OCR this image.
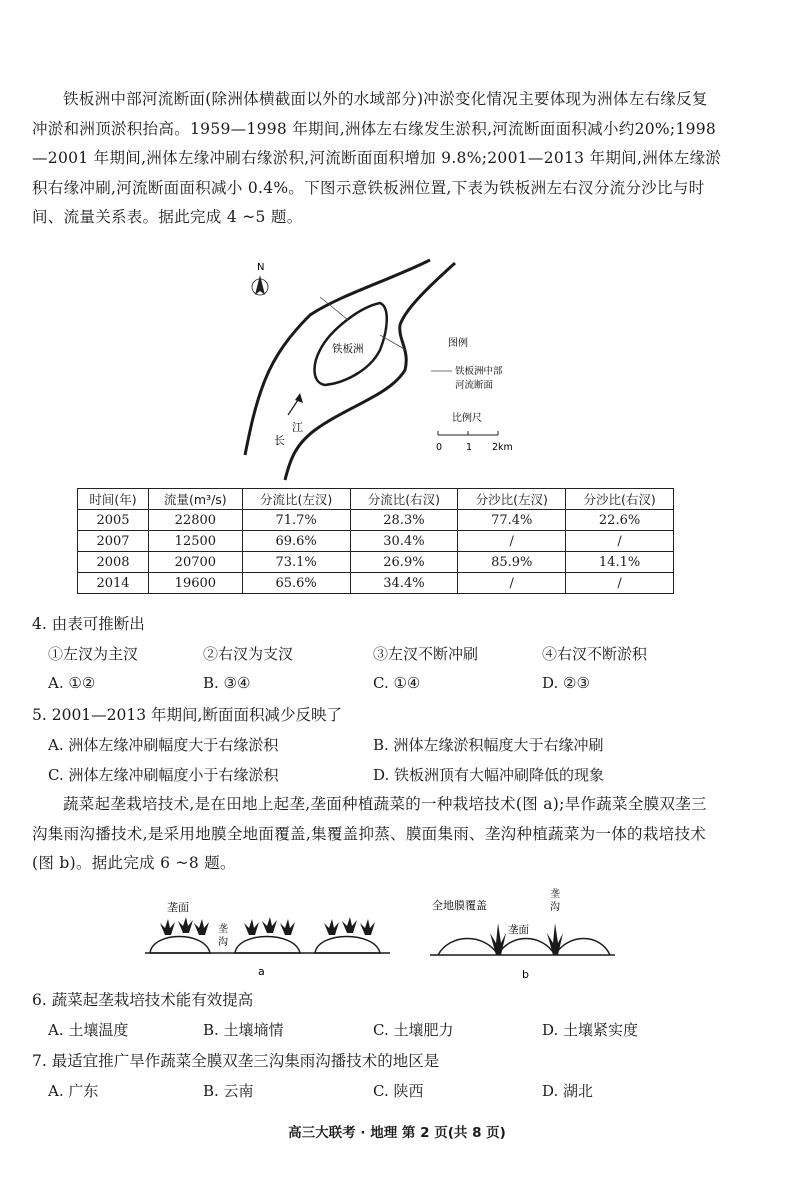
铁板洲中部河流断面(除洲体横截面以外的水域部分)冲淤变化情况主要体现为洲体左右缘反复冲淤和洲顶淤积抬高。1959—1998 年期间,洲体左右缘发生淤积,河流断面面积减小约20%;1998—2001 年期间,洲体左缘冲刷右缘淤积,河流断面面积增加 9.8%;2001—2013 年期间,洲体左缘淤积右缘冲刷,河流断面面积减小 0.4%。下图示意铁板洲位置,下表为铁板洲左右汊分流分沙比与时间、流量关系表。据此完成 4 ~5 题。

N
铁板洲
江
长
图例
铁板洲中部
河流断面
比例尺
0	1 2km
时间(年)	流量(m³/s)	分流比(左汊)	分流比(右汊)	分沙比(左汊)	分沙比(右汊)
2005	22800	71.7%	28.3%	77.4%	22.6%
2007	12500	69.6%	30.4%	/	/
2008	20700	73.1%	26.9%	85.9%	14.1%
2014	19600	65.6%	34.4%	/	/

4. 由表可推断出

①左汊为主汊	②右汊为支汊	③左汊不断冲刷	④右汊不断淤积

A. ①②	B. ③④	C. ①④	D. ②③

5. 2001—2013 年期间,断面面积减少反映了

A. 洲体左缘冲刷幅度大于右缘淤积	B. 洲体左缘淤积幅度大于右缘冲刷

C. 洲体左缘冲刷幅度小于右缘淤积	D. 铁板洲顶有大幅冲刷降低的现象

蔬菜起垄栽培技术,是在田地上起垄,垄面种植蔬菜的一种栽培技术(图 a);旱作蔬菜全膜双垄三沟集雨沟播技术,是采用地膜全地面覆盖,集覆盖抑蒸、膜面集雨、垄沟种植蔬菜为一体的栽培技术(图 b)。据此完成 6 ~8 题。

垄面
垄
沟
a
全地膜覆盖
垄
沟
垄面
b

6. 蔬菜起垄栽培技术能有效提高

A. 土壤温度	B. 土壤墒情	C. 土壤肥力	D. 土壤紧实度

7. 最适宜推广旱作蔬菜全膜双垄三沟集雨沟播技术的地区是

A. 广东	B. 云南	C. 陕西	D. 湖北

高三大联考 · 地理 第 2 页(共 8 页)
